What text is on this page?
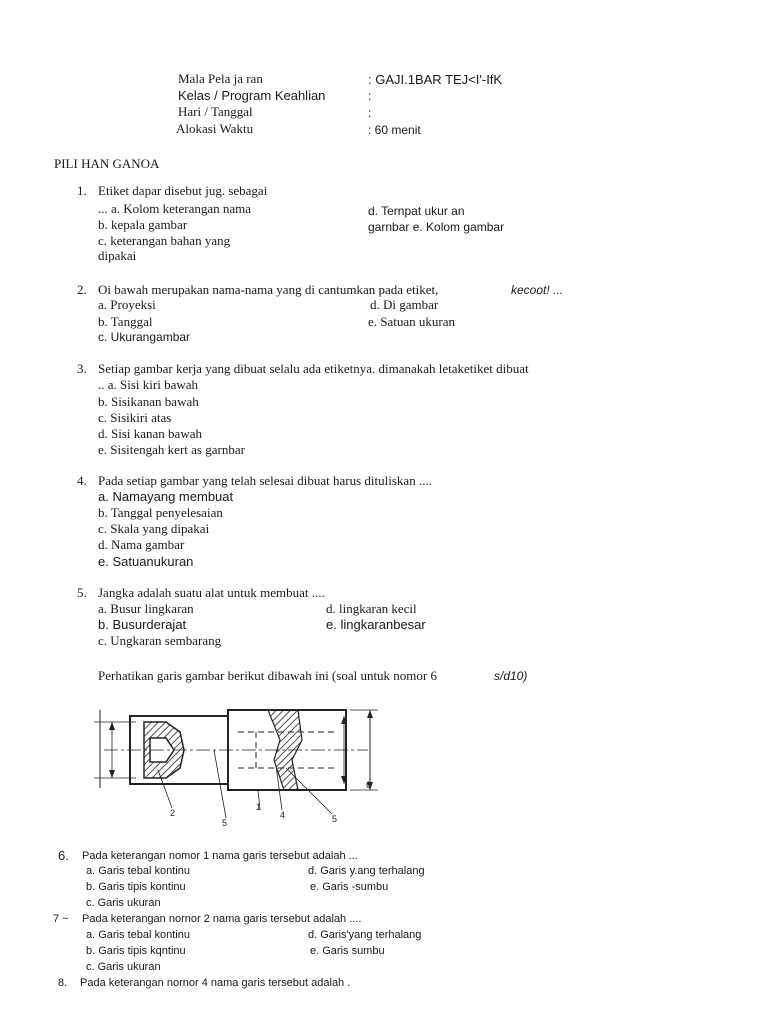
Mala Pela ja ran	: GAJI.1BAR TEJ<I'-IfK
Kelas / Program Keahlian	:
Hari / Tanggal	:
Alokasi Waktu	: 60 menit
PILI HAN GANOA
1. Etiket dapar disebut jug. sebagai
... a. Kolom keterangan nama
b. kepala gambar
c. keterangan bahan yang
dipakai
d. Ternpat ukur an
garnbar e. Kolom gambar
2. Oi bawah merupakan nama-nama yang di cantumkan pada etiket,	kecoot! ...
a. Proyeksi
b. Tanggal
c. Ukurangambar
d. Di gambar
e. Satuan ukuran
3. Setiap gambar kerja yang dibuat selalu ada etiketnya. dimanakah letaketiket dibuat
.. a. Sisi kiri bawah
b. Sisikanan bawah
c. Sisikiri atas
d. Sisi kanan bawah
e. Sisitengah kert as garnbar
4. Pada setiap gambar yang telah selesai dibuat harus dituliskan ....
a. Namayang membuat
b. Tanggal penyelesaian
c. Skala yang dipakai
d. Nama gambar
e. Satuanukuran
5. Jangka adalah suatu alat untuk membuat ....
a. Busur lingkaran
b. Busurderajat
c. Ungkaran sembarang
d. lingkaran kecil
e. lingkaranbesar
Perhatikan garis gambar berikut dibawah ini (soal untuk nomor 6	s/d10)
2
5
1
4	5
6
6. Pada keterangan nomor 1 nama garis tersebut adalah ...
a. Garis tebal kontinu
b. Garis tipis kontinu
c. Garis ukuran
d. Garis y.ang terhalang
e. Garis -sumbu
7 ~ Pada keterangan nornor 2 nama garis tersebut adalah ....
a. Garis tebal kontinu
b. Garis tipis kqntinu
c. Garis ukuran
d. Garis'yang terhalang
e. Garis sumbu
8. Pada keterangan nornor 4 nama garis tersebut adalah .
